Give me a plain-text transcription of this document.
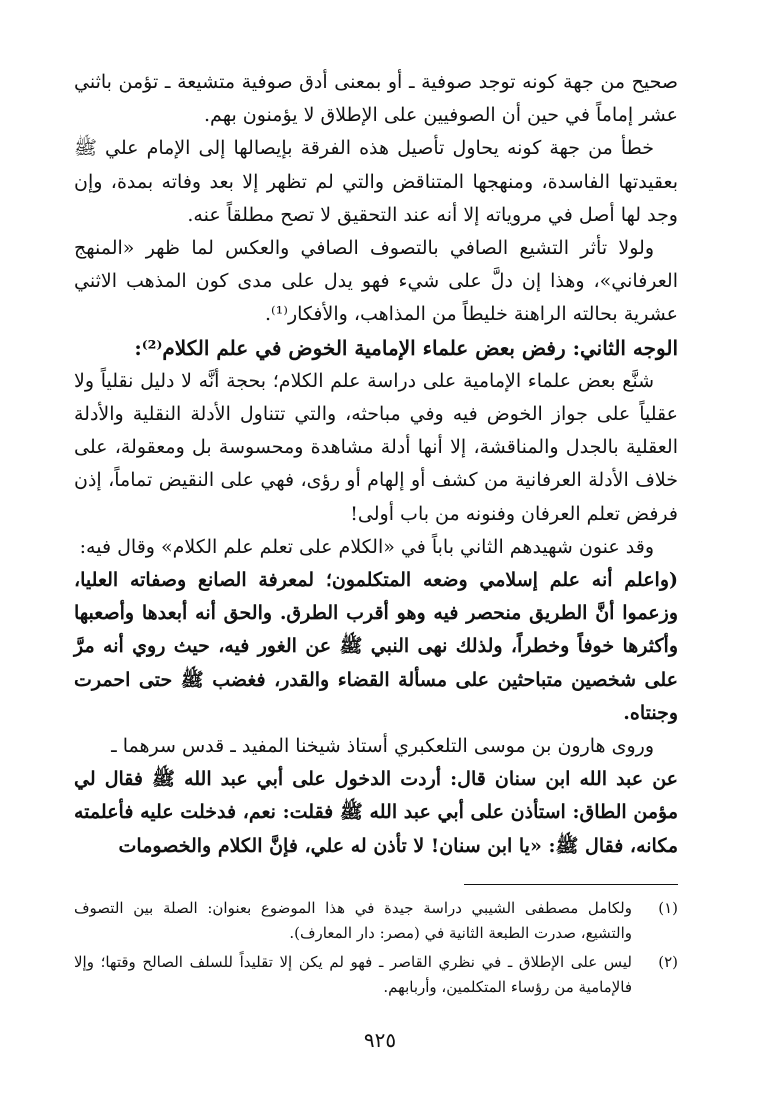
صحيح من جهة كونه توجد صوفية ـ أو بمعنى أدق صوفية متشيعة ـ تؤمن باثني عشر إماماً في حين أن الصوفيين على الإطلاق لا يؤمنون بهم.

خطأ من جهة كونه يحاول تأصيل هذه الفرقة بإيصالها إلى الإمام علي ﷺ بعقيدتها الفاسدة، ومنهجها المتناقض والتي لم تظهر إلا بعد وفاته بمدة، وإن وجد لها أصل في مروياته إلا أنه عند التحقيق لا تصح مطلقاً عنه.

ولولا تأثر التشيع الصافي بالتصوف الصافي والعكس لما ظهر «المنهج العرفاني»، وهذا إن دلَّ على شيء فهو يدل على مدى كون المذهب الاثني عشرية بحالته الراهنة خليطاً من المذاهب، والأفكار⁽¹⁾.

الوجه الثاني: رفض بعض علماء الإمامية الخوض في علم الكلام⁽²⁾:

شنَّع بعض علماء الإمامية على دراسة علم الكلام؛ بحجة أنَّه لا دليل نقلياً ولا عقلياً على جواز الخوض فيه وفي مباحثه، والتي تتناول الأدلة النقلية والأدلة العقلية بالجدل والمناقشة، إلا أنها أدلة مشاهدة ومحسوسة بل ومعقولة، على خلاف الأدلة العرفانية من كشف أو إلهام أو رؤى، فهي على النقيض تماماً، إذن فرفض تعلم العرفان وفنونه من باب أولى!

وقد عنون شهيدهم الثاني باباً في «الكلام على تعلم علم الكلام» وقال فيه:

(واعلم أنه علم إسلامي وضعه المتكلمون؛ لمعرفة الصانع وصفاته العليا، وزعموا أنَّ الطريق منحصر فيه وهو أقرب الطرق. والحق أنه أبعدها وأصعبها وأكثرها خوفاً وخطراً، ولذلك نهى النبي ﷺ عن الغور فيه، حيث روي أنه مرَّ على شخصين متباحثين على مسألة القضاء والقدر، فغضب ﷺ حتى احمرت وجنتاه.

وروى هارون بن موسى التلعكبري أستاذ شيخنا المفيد ـ قدس سرهما ـ

عن عبد الله ابن سنان قال: أردت الدخول على أبي عبد الله ﷺ فقال لي مؤمن الطاق: استأذن على أبي عبد الله ﷺ فقلت: نعم، فدخلت عليه فأعلمته مكانه، فقال ﷺ: «يا ابن سنان! لا تأذن له علي، فإنَّ الكلام والخصومات

(١)
ولكامل مصطفى الشيبي دراسة جيدة في هذا الموضوع بعنوان: الصلة بين التصوف والتشيع، صدرت الطبعة الثانية في (مصر: دار المعارف).
(٢)
ليس على الإطلاق ـ في نظري القاصر ـ فهو لم يكن إلا تقليداً للسلف الصالح وقتها؛ وإلا فالإمامية من رؤساء المتكلمين، وأربابهم.
٩٢٥
